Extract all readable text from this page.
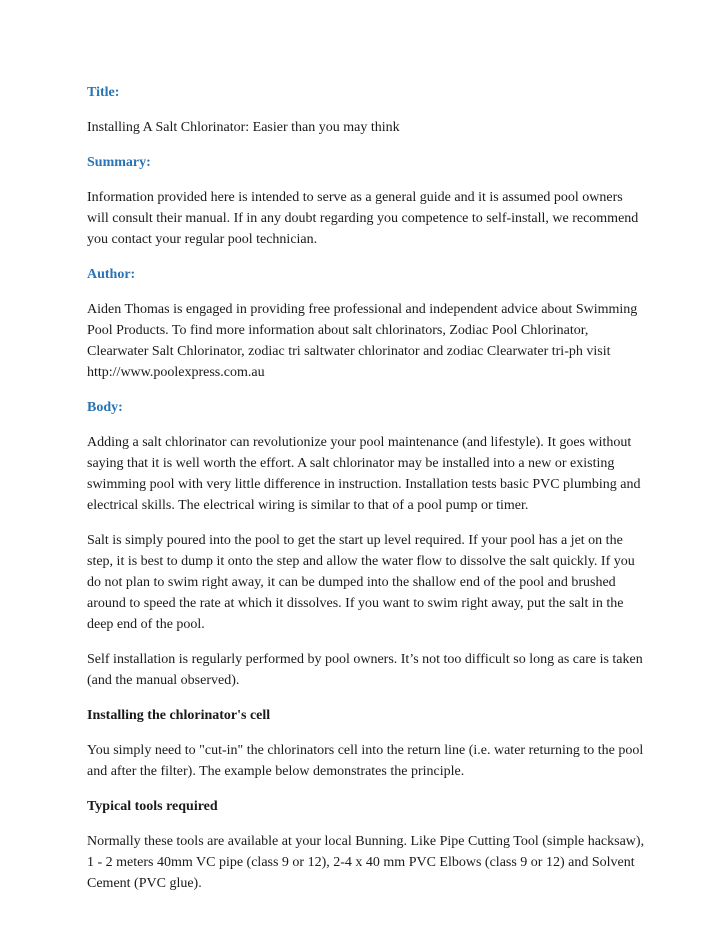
Title:
Installing A Salt Chlorinator: Easier than you may think
Summary:
Information provided here is intended to serve as a general guide and it is assumed pool owners will consult their manual. If in any doubt regarding you competence to self-install, we recommend you contact your regular pool technician.
Author:
Aiden Thomas is engaged in providing free professional and independent advice about Swimming Pool Products. To find more information about salt chlorinators, Zodiac Pool Chlorinator, Clearwater Salt Chlorinator, zodiac tri saltwater chlorinator and zodiac Clearwater tri-ph visit http://www.poolexpress.com.au
Body:
Adding a salt chlorinator can revolutionize your pool maintenance (and lifestyle). It goes without saying that it is well worth the effort. A salt chlorinator may be installed into a new or existing swimming pool with very little difference in instruction. Installation tests basic PVC plumbing and electrical skills. The electrical wiring is similar to that of a pool pump or timer.
Salt is simply poured into the pool to get the start up level required. If your pool has a jet on the step, it is best to dump it onto the step and allow the water flow to dissolve the salt quickly. If you do not plan to swim right away, it can be dumped into the shallow end of the pool and brushed around to speed the rate at which it dissolves. If you want to swim right away, put the salt in the deep end of the pool.
Self installation is regularly performed by pool owners. It’s not too difficult so long as care is taken (and the manual observed).
Installing the chlorinator's cell
You simply need to "cut-in" the chlorinators cell into the return line (i.e. water returning to the pool and after the filter). The example below demonstrates the principle.
Typical tools required
Normally these tools are available at your local Bunning. Like Pipe Cutting Tool (simple hacksaw), 1 - 2 meters 40mm VC pipe (class 9 or 12), 2-4 x 40 mm PVC Elbows (class 9 or 12) and Solvent Cement (PVC glue).
